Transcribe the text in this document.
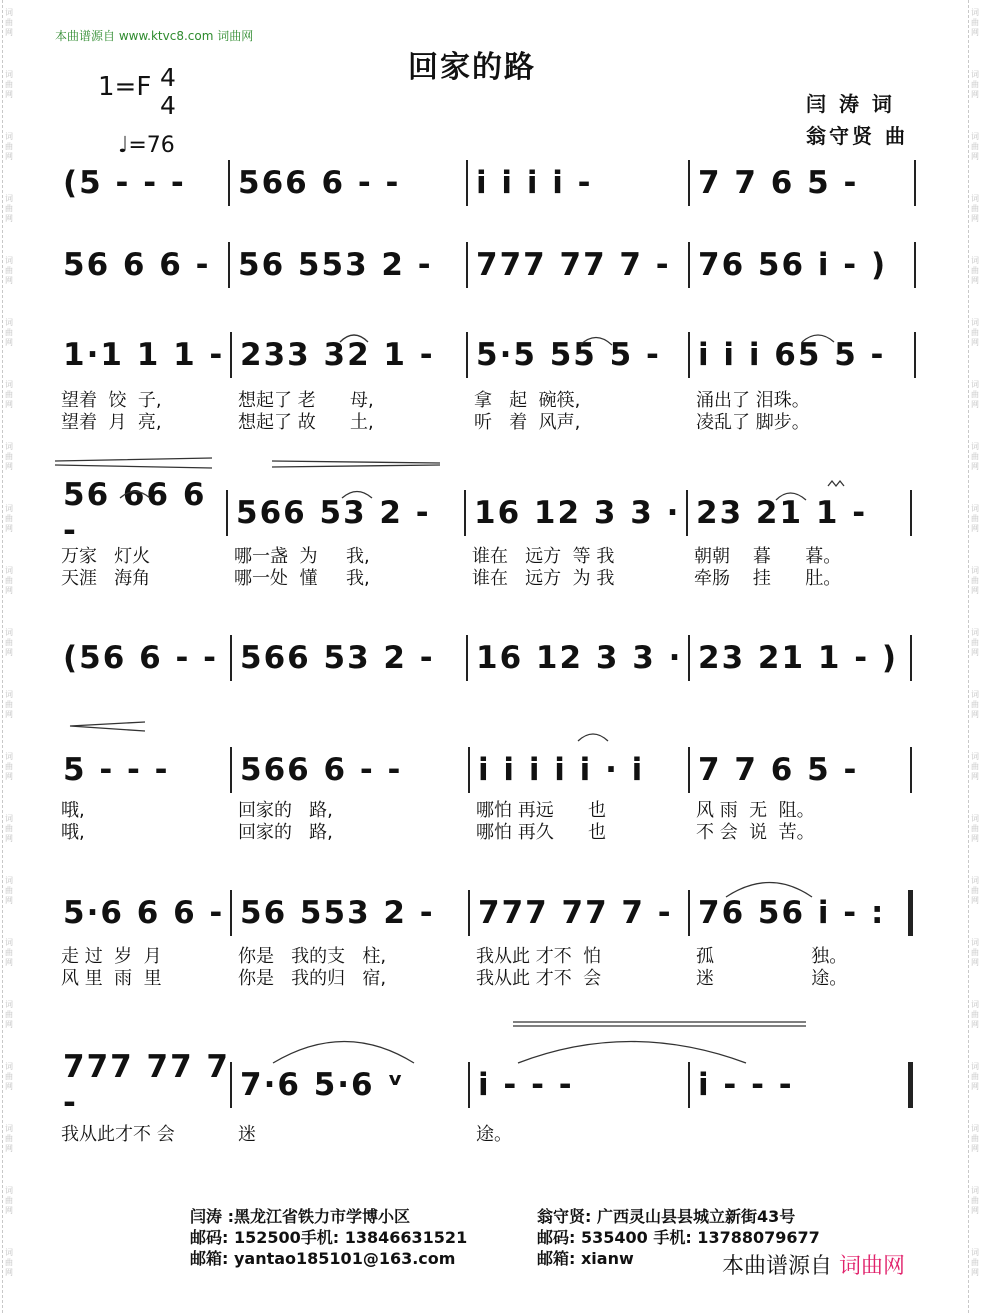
词
曲
网
词
曲
网
词
曲
网
词
曲
网
词
曲
网
词
曲
网
词
曲
网
词
曲
网
词
曲
网
词
曲
网
词
曲
网
词
曲
网
词
曲
网
词
曲
网
词
曲
网
词
曲
网
词
曲
网
词
曲
网
词
曲
网
词
曲
网
词
曲
网
词
曲
网
词
曲
网
词
曲
网
词
曲
网
词
曲
网
词
曲
网
词
曲
网
词
曲
网
词
曲
网
词
曲
网
词
曲
网
词
曲
网
词
曲
网
词
曲
网
词
曲
网
词
曲
网
词
曲
网
词
曲
网
词
曲
网
词
曲
网
词
曲
网
本曲谱源自 www.ktvc8.com 词曲网
回家的路
1=F 4
4
♩=76
闫 涛 词
翁守贤 曲
(5 - - -	566 6 - -	i i i i -	7 7 6 5 -
56 6 6 - 56 553 2 -	777 77 7 - 76 56 i - )
1·1 1 1 - 233 32 1 -	5·5 55 5 -	i i i 65 5 -
望着  饺  子,
望着  月  亮,
想起了 老      母,
想起了 故      土,
拿   起  碗筷,
听   着  风声,
涌出了 泪珠。
凌乱了 脚步。
56 66 6 -	566 53 2 -	16 12 3 3 · 23 21 1 -
万家   灯火
天涯   海角
哪一盏  为     我,
哪一处  懂     我,
谁在   远方  等 我
谁在   远方  为 我
朝朝    暮      暮。
牵肠    挂      肚。
(56 6 - - 566 53 2 -	16 12 3 3 · 23 21 1 - )
5 - - -	566 6 - -	i i i i i · i	7 7 6 5 -
哦,
哦,
回家的   路,
回家的   路,
哪怕 再远      也
哪怕 再久      也
风 雨  无  阻。
不 会  说  苦。
5·6 6 6 - 56 553 2 -	777 77 7 - 76 56 i - :
走 过  岁  月
风 里  雨  里
你是   我的支   柱,
你是   我的归   宿,
我从此 才不  怕
我从此 才不  会
孤                 独。
迷                 途。
777 77 7 -	7·6 5·6 ᵛ	i - - -	i - - -
我从此才不 会	迷	途。
闫涛 :黑龙江省铁力市学博小区
邮码: 152500手机: 13846631521
邮箱: yantao185101@163.com
翁守贤: 广西灵山县县城立新街43号
邮码: 535400 手机: 13788079677
邮箱: xianw	本曲谱源自 词曲网
